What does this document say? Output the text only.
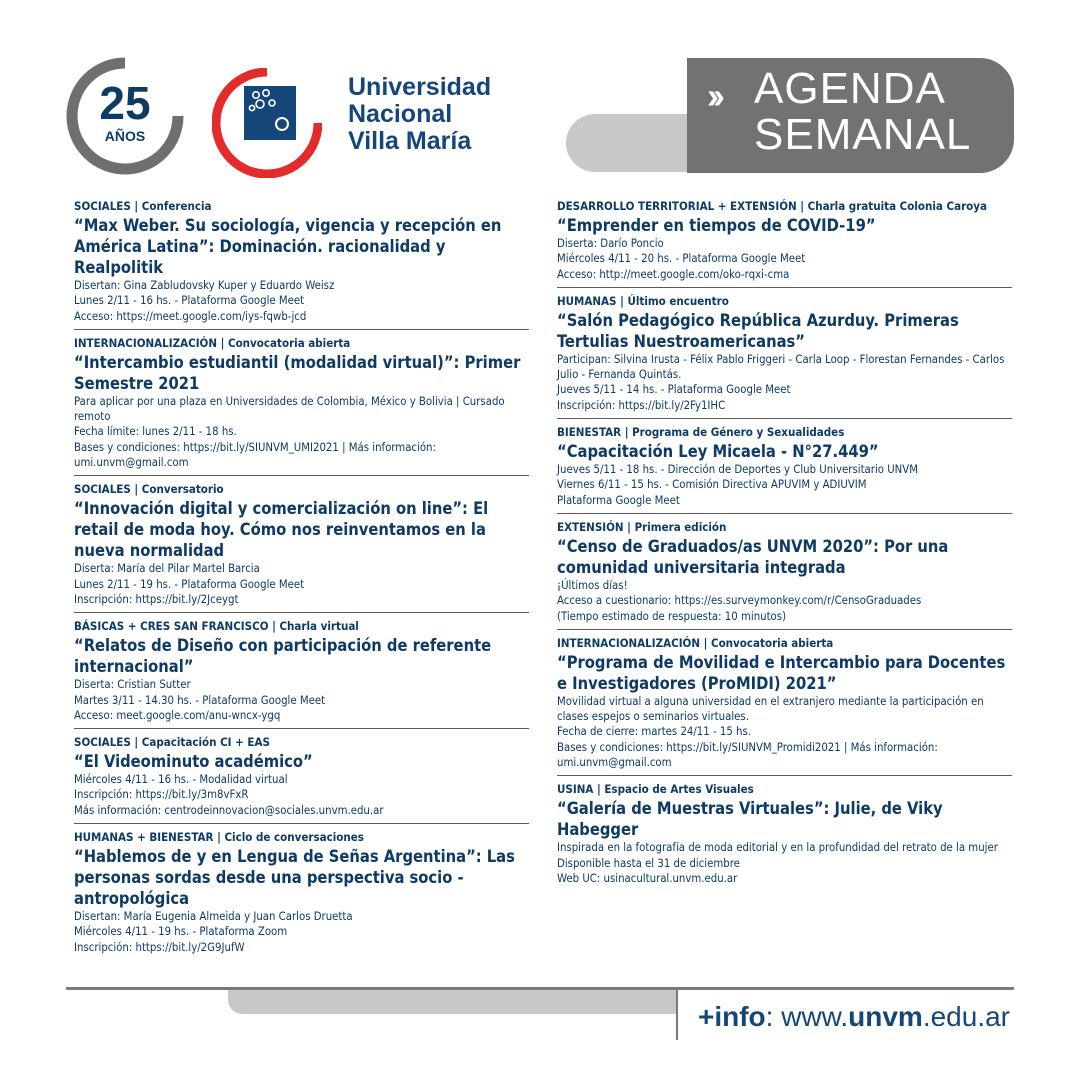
25
AÑOS
Universidad
Nacional
Villa María
›› AGENDA
SEMANAL
SOCIALES | Conferencia
“Max Weber. Su sociología, vigencia y recepción en América Latina”: Dominación. racionalidad y Realpolitik
Disertan: Gina Zabludovsky Kuper y Eduardo Weisz
Lunes 2/11 - 16 hs. - Plataforma Google Meet
Acceso: https://meet.google.com/iys-fqwb-jcd
INTERNACIONALIZACIÓN | Convocatoria abierta
“Intercambio estudiantil (modalidad virtual)”: Primer Semestre 2021
Para aplicar por una plaza en Universidades de Colombia, México y Bolivia | Cursado remoto
Fecha límite: lunes 2/11 - 18 hs.
Bases y condiciones: https://bit.ly/SIUNVM_UMI2021 | Más información: umi.unvm@gmail.com
SOCIALES | Conversatorio
“Innovación digital y comercialización on line”: El retail de moda hoy. Cómo nos reinventamos en la nueva normalidad
Diserta: María del Pilar Martel Barcia
Lunes 2/11 - 19 hs. - Plataforma Google Meet
Inscripción: https://bit.ly/2Jceygt
BÁSICAS + CRES SAN FRANCISCO | Charla virtual
“Relatos de Diseño con participación de referente internacional”
Diserta: Cristian Sutter
Martes 3/11 - 14.30 hs. - Plataforma Google Meet
Acceso: meet.google.com/anu-wncx-ygq
SOCIALES | Capacitación CI + EAS
“El Videominuto académico”
Miércoles 4/11 - 16 hs. - Modalidad virtual
Inscripción: https://bit.ly/3m8vFxR
Más información: centrodeinnovacion@sociales.unvm.edu.ar
HUMANAS + BIENESTAR | Ciclo de conversaciones
“Hablemos de y en Lengua de Señas Argentina”: Las personas sordas desde una perspectiva socio - antropológica
Disertan: María Eugenia Almeida y Juan Carlos Druetta
Miércoles 4/11 - 19 hs. - Plataforma Zoom
Inscripción: https://bit.ly/2G9JufW
DESARROLLO TERRITORIAL + EXTENSIÓN | Charla gratuita Colonia Caroya
“Emprender en tiempos de COVID-19”
Diserta: Darío Poncio
Miércoles 4/11 - 20 hs. - Plataforma Google Meet
Acceso: http://meet.google.com/oko-rqxi-cma
HUMANAS | Último encuentro
“Salón Pedagógico República Azurduy. Primeras Tertulias Nuestroamericanas”
Participan: Silvina Irusta - Félix Pablo Friggeri - Carla Loop - Florestan Fernandes - Carlos Julio - Fernanda Quintás.
Jueves 5/11 - 14 hs. - Plataforma Google Meet
Inscripción: https://bit.ly/2Fy1IHC
BIENESTAR | Programa de Género y Sexualidades
“Capacitación Ley Micaela - N°27.449”
Jueves 5/11 - 18 hs. - Dirección de Deportes y Club Universitario UNVM
Viernes 6/11 - 15 hs. - Comisión Directiva APUVIM y ADIUVIM
Plataforma Google Meet
EXTENSIÓN | Primera edición
“Censo de Graduados/as UNVM 2020”: Por una comunidad universitaria integrada
¡Últimos días!
Acceso a cuestionario: https://es.surveymonkey.com/r/CensoGraduades
(Tiempo estimado de respuesta: 10 minutos)
INTERNACIONALIZACIÓN | Convocatoria abierta
“Programa de Movilidad e Intercambio para Docentes e Investigadores (ProMIDI) 2021”
Movilidad virtual a alguna universidad en el extranjero mediante la participación en clases espejos o seminarios virtuales.
Fecha de cierre: martes 24/11 - 15 hs.
Bases y condiciones: https://bit.ly/SIUNVM_Promidi2021 | Más información: umi.unvm@gmail.com
USINA | Espacio de Artes Visuales
“Galería de Muestras Virtuales”: Julie, de Viky Habegger
Inspirada en la fotografía de moda editorial y en la profundidad del retrato de la mujer
Disponible hasta el 31 de diciembre
Web UC: usinacultural.unvm.edu.ar
+info: www.unvm.edu.ar
